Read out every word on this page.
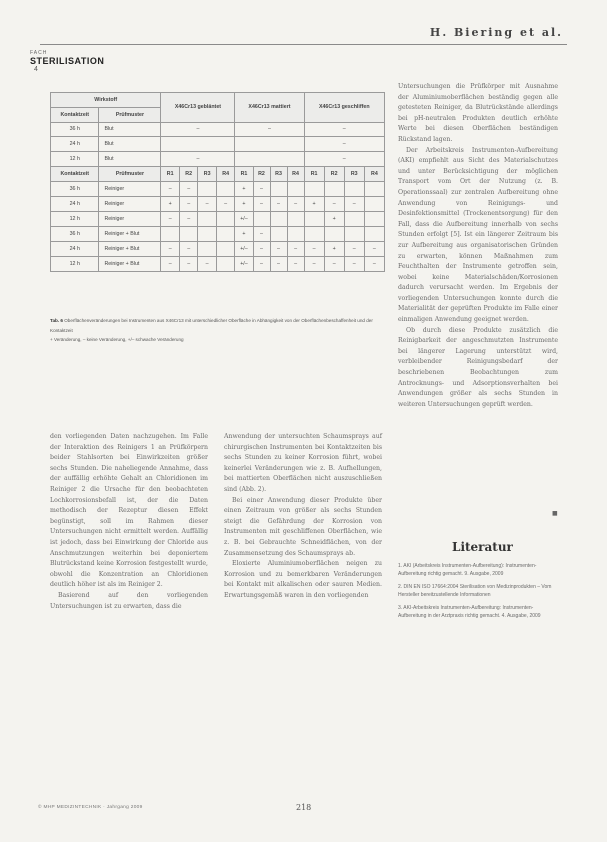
H. Biering et al.
FACH
STERILISATION
4
Wirkstoff		X46Cr13 gebläntet				X46Cr13 mattiert				X46Cr13 geschliffen			
Kontaktzeit	Prüfmuster												
36 h	Blut	–				–				–			
24 h	Blut									–			
12 h	Blut	–								–			
Kontaktzeit	Prüfmuster	R1	R2	R3	R4	R1	R2	R3	R4	R1	R2	R3	R4
36 h	Reiniger	–	–			+	–						
24 h	Reiniger	+	–	–	–	+	–	–	–	+	–	–	
12 h	Reiniger	–	–			+/–					+		
36 h	Reiniger + Blut					+	–						
24 h	Reiniger + Blut	–	–			+/–	–	–	–	–	+	–	–
12 h	Reiniger + Blut	–	–	–		+/–	–	–	–	–	–	–	–
Tab. 6 Oberflächenveränderungen bei Instrumenten aus X46Cr13 mit unterschiedlicher Oberfläche in Abhängigkeit von der Oberflächenbeschaffenheit und der Kontaktzeit
+ Veränderung, – keine Veränderung, +/– schwache Veränderung

den vorliegenden Daten nachzugehen. Im Falle der Interaktion des Reinigers 1 an Prüfkörpern beider Stahlsorten bei Einwirkzeiten größer sechs Stunden. Die naheliegende Annahme, dass der auffällig erhöhte Gehalt an Chloridionen im Reiniger 2 die Ursache für den beobachteten Lochkorrosionsbefall ist, der die Daten methodisch der Rezeptur diesen Effekt begünstigt, soll im Rahmen dieser Untersuchungen nicht ermittelt werden. Auffällig ist jedoch, dass bei Einwirkung der Chloride aus Anschmutzungen weiterhin bei deponiertem Blutrückstand keine Korrosion festgestellt wurde, obwohl die Konzentration an Chloridionen deutlich höher ist als im Reiniger 2.

Basierend auf den vorliegenden Untersuchungen ist zu erwarten, dass die

Anwendung der untersuchten Schaumsprays auf chirurgischen Instrumenten bei Kontaktzeiten bis sechs Stunden zu keiner Korrosion führt, wobei keinerlei Veränderungen wie z. B. Aufhellungen, bei mattierten Oberflächen nicht auszuschließen sind (Abb. 2).

Bei einer Anwendung dieser Produkte über einen Zeitraum von größer als sechs Stunden steigt die Gefährdung der Korrosion von Instrumenten mit geschliffenen Oberflächen, wie z. B. bei Gebrauchte Schneidflächen, von der Zusammensetzung des Schaumsprays ab.

Eloxierte Aluminiumoberflächen neigen zu Korrosion und zu bemerkbaren Veränderungen bei Kontakt mit alkalischen oder sauren Medien. Erwartungsgemäß waren in den vorliegenden

Untersuchungen die Prüfkörper mit Ausnahme der Aluminiumoberflächen beständig gegen alle getesteten Reiniger, da Blutrückstände allerdings bei pH-neutralen Produkten deutlich erhöhte Werte bei diesen Oberflächen beständigen Rückstand lagen.

Der Arbeitskreis Instrumenten-Aufbereitung (AKI) empfiehlt aus Sicht des Materialschutzes und unter Berücksichtigung der möglichen Transport vom Ort der Nutzung (z. B. Operationssaal) zur zentralen Aufbereitung ohne Anwendung von Reinigungs- und Desinfektionsmittel (Trockenentsorgung) für den Fall, dass die Aufbereitung innerhalb von sechs Stunden erfolgt [5]. Ist ein längerer Zeitraum bis zur Aufbereitung aus organisatorischen Gründen zu erwarten, können Maßnahmen zum Feuchthalten der Instrumente getroffen sein, wobei keine Materialschäden/Korrosionen dadurch verursacht werden. Im Ergebnis der vorliegenden Untersuchungen konnte durch die Materialität der geprüften Produkte im Falle einer einmaligen Anwendung geeignet werden.

Ob durch diese Produkte zusätzlich die Reinigbarkeit der angeschmutzten Instrumente bei längerer Lagerung unterstützt wird, verbleibender Reinigungsbedarf der beschriebenen Beobachtungen zum Antrocknungs- und Adsorptionsverhalten bei Anwendungen größer als sechs Stunden in weiteren Untersuchungen geprüft werden.

■
Literatur
1. AKI (Arbeitskreis Instrumenten-Aufbereitung): Instrumenten-Aufbereitung richtig gemacht. 9. Ausgabe, 2009
2. DIN EN ISO 17664:2004 Sterilisation von Medizinprodukten – Vom Hersteller bereitzustellende Informationen
3. AKI-Arbeitskreis Instrumenten-Aufbereitung: Instrumenten-Aufbereitung in der Arztpraxis richtig gemacht. 4. Ausgabe, 2009
© MHP MEDIZINTECHNIK · Jahrgang 2009	218
